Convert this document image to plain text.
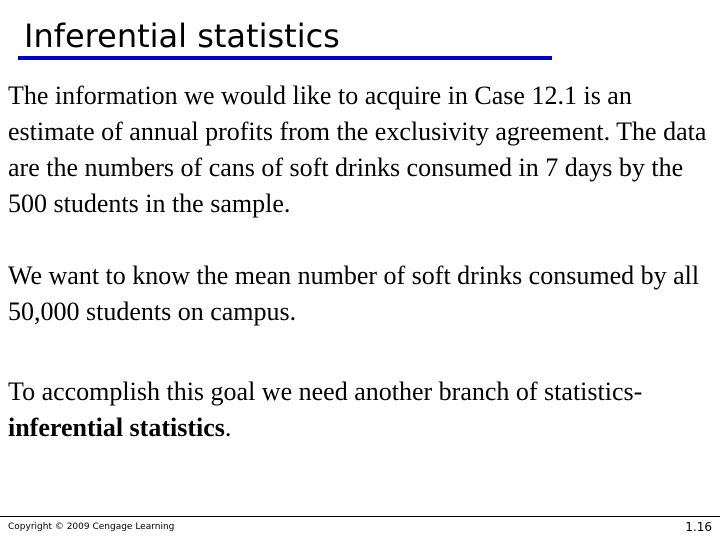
Inferential statistics

The information we would like to acquire in Case 12.1 is an estimate of annual profits from the exclusivity agreement. The data are the numbers of cans of soft drinks consumed in 7 days by the 500 students in the sample.

We want to know the mean number of soft drinks consumed by all 50,000 students on campus.

To accomplish this goal we need another branch of statistics-inferential statistics.

Copyright © 2009 Cengage Learning	1.16
